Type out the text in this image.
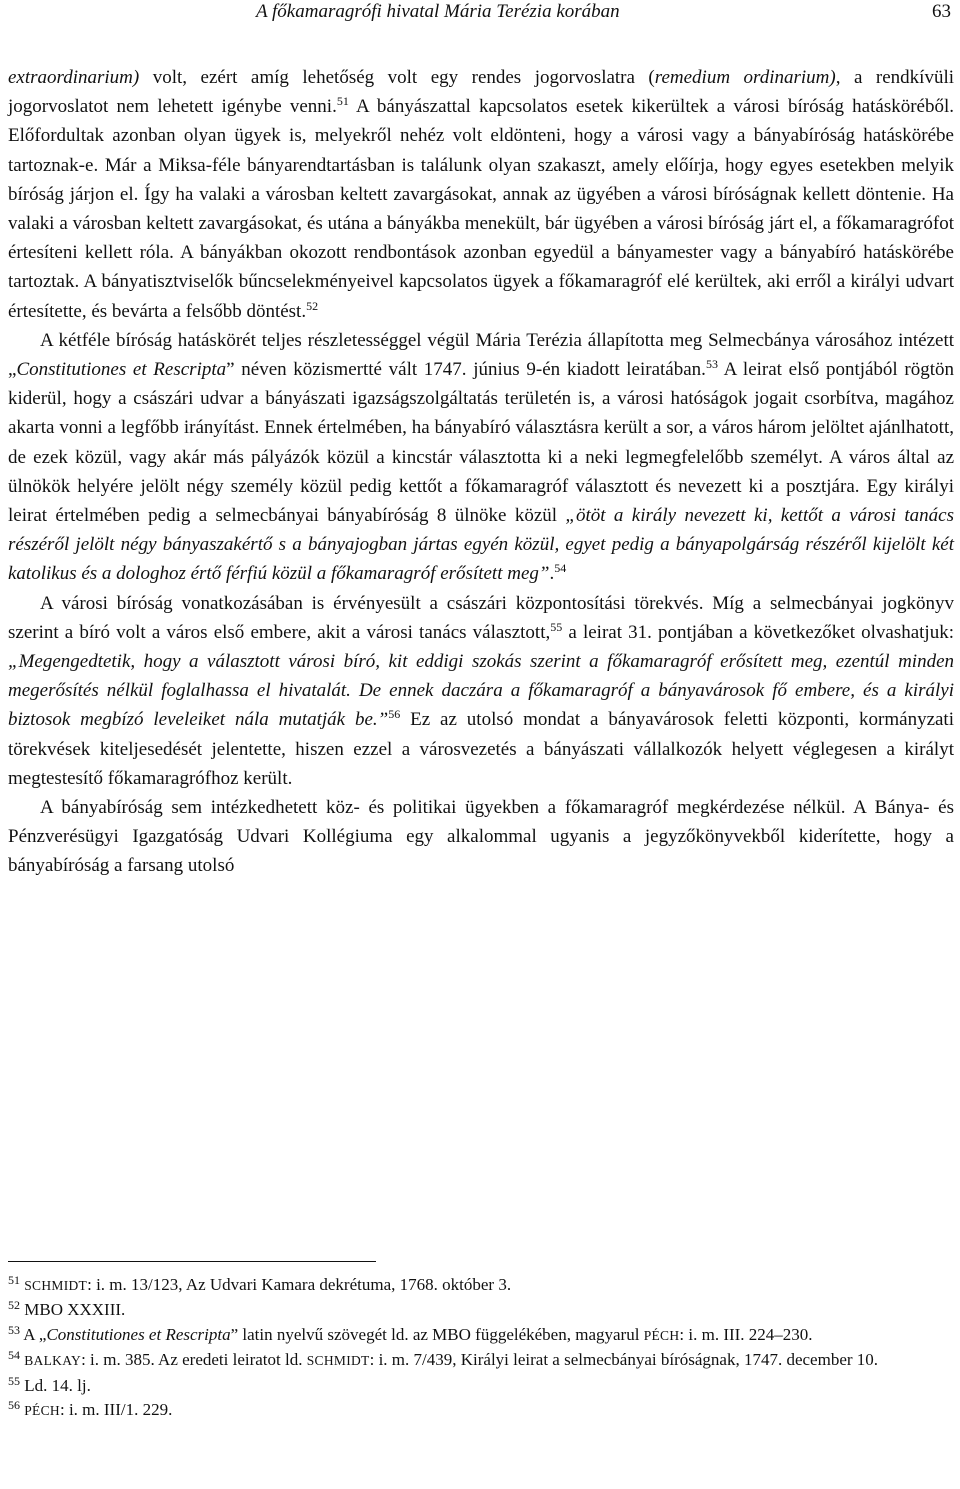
A főkamaragrófi hivatal Mária Terézia korában	63

extraordinarium) volt, ezért amíg lehetőség volt egy rendes jogorvoslatra (remedium ordinarium), a rendkívüli jogorvoslatot nem lehetett igénybe venni.$^{51}$ A bányászattal kapcsolatos esetek kikerültek a városi bíróság hatásköréből. Előfordultak azonban olyan ügyek is, melyekről nehéz volt eldönteni, hogy a városi vagy a bányabíróság hatáskörébe tartoznak-e. Már a Miksa-féle bányarendtartásban is találunk olyan szakaszt, amely előírja, hogy egyes esetekben melyik bíróság járjon el. Így ha valaki a városban keltett zavargásokat, annak az ügyében a városi bíróságnak kellett döntenie. Ha valaki a városban keltett zavargásokat, és utána a bányákba menekült, bár ügyében a városi bíróság járt el, a főkamaragrófot értesíteni kellett róla. A bányákban okozott rendbontások azonban egyedül a bányamester vagy a bányabíró hatáskörébe tartoztak. A bányatisztviselők bűncselekményeivel kapcsolatos ügyek a főkamaragróf elé kerültek, aki erről a királyi udvart értesítette, és bevárta a felsőbb döntést.$^{52}$

A kétféle bíróság hatáskörét teljes részletességgel végül Mária Terézia állapította meg Selmecbánya városához intézett „Constitutiones et Rescripta” néven közismertté vált 1747. június 9-én kiadott leiratában.$^{53}$ A leirat első pontjából rögtön kiderül, hogy a császári udvar a bányászati igazságszolgáltatás területén is, a városi hatóságok jogait csorbítva, magához akarta vonni a legfőbb irányítást. Ennek értelmében, ha bányabíró választásra került a sor, a város három jelöltet ajánlhatott, de ezek közül, vagy akár más pályázók közül a kincstár választotta ki a neki legmegfelelőbb személyt. A város által az ülnökök helyére jelölt négy személy közül pedig kettőt a főkamaragróf választott és nevezett ki a posztjára. Egy királyi leirat értelmében pedig a selmecbányai bányabíróság 8 ülnöke közül „ötöt a király nevezett ki, kettőt a városi tanács részéről jelölt négy bányaszakértő s a bányajogban jártas egyén közül, egyet pedig a bányapolgárság részéről kijelölt két katolikus és a dologhoz értő férfiú közül a főkamaragróf erősített meg”.$^{54}$

A városi bíróság vonatkozásában is érvényesült a császári központosítási törekvés. Míg a selmecbányai jogkönyv szerint a bíró volt a város első embere, akit a városi tanács választott,$^{55}$ a leirat 31. pontjában a következőket olvashatjuk: „Megengedtetik, hogy a választott városi bíró, kit eddigi szokás szerint a főkamaragróf erősített meg, ezentúl minden megerősítés nélkül foglalhassa el hivatalát. De ennek daczára a főkamaragróf a bányavárosok fő embere, és a királyi biztosok megbízó leveleiket nála mutatják be.”$^{56}$ Ez az utolsó mondat a bányavárosok feletti központi, kormányzati törekvések kiteljesedését jelentette, hiszen ezzel a városvezetés a bányászati vállalkozók helyett véglegesen a királyt megtestesítő főkamaragrófhoz került.

A bányabíróság sem intézkedhetett köz- és politikai ügyekben a főkamaragróf megkérdezése nélkül. A Bánya- és Pénzverésügyi Igazgatóság Udvari Kollégiuma egy alkalommal ugyanis a jegyzőkönyvekből kiderítette, hogy a bányabíróság a farsang utolsó

$^{51}$ SCHMIDT: i. m. 13/123, Az Udvari Kamara dekrétuma, 1768. október 3.

$^{52}$ MBO XXXIII.

$^{53}$ A „Constitutiones et Rescripta” latin nyelvű szövegét ld. az MBO függelékében, magyarul PÉCH: i. m. III. 224–230.

$^{54}$ BALKAY: i. m. 385. Az eredeti leiratot ld. SCHMIDT: i. m. 7/439, Királyi leirat a selmecbányai bíróságnak, 1747. december 10.

$^{55}$ Ld. 14. lj.

$^{56}$ PÉCH: i. m. III/1. 229.
